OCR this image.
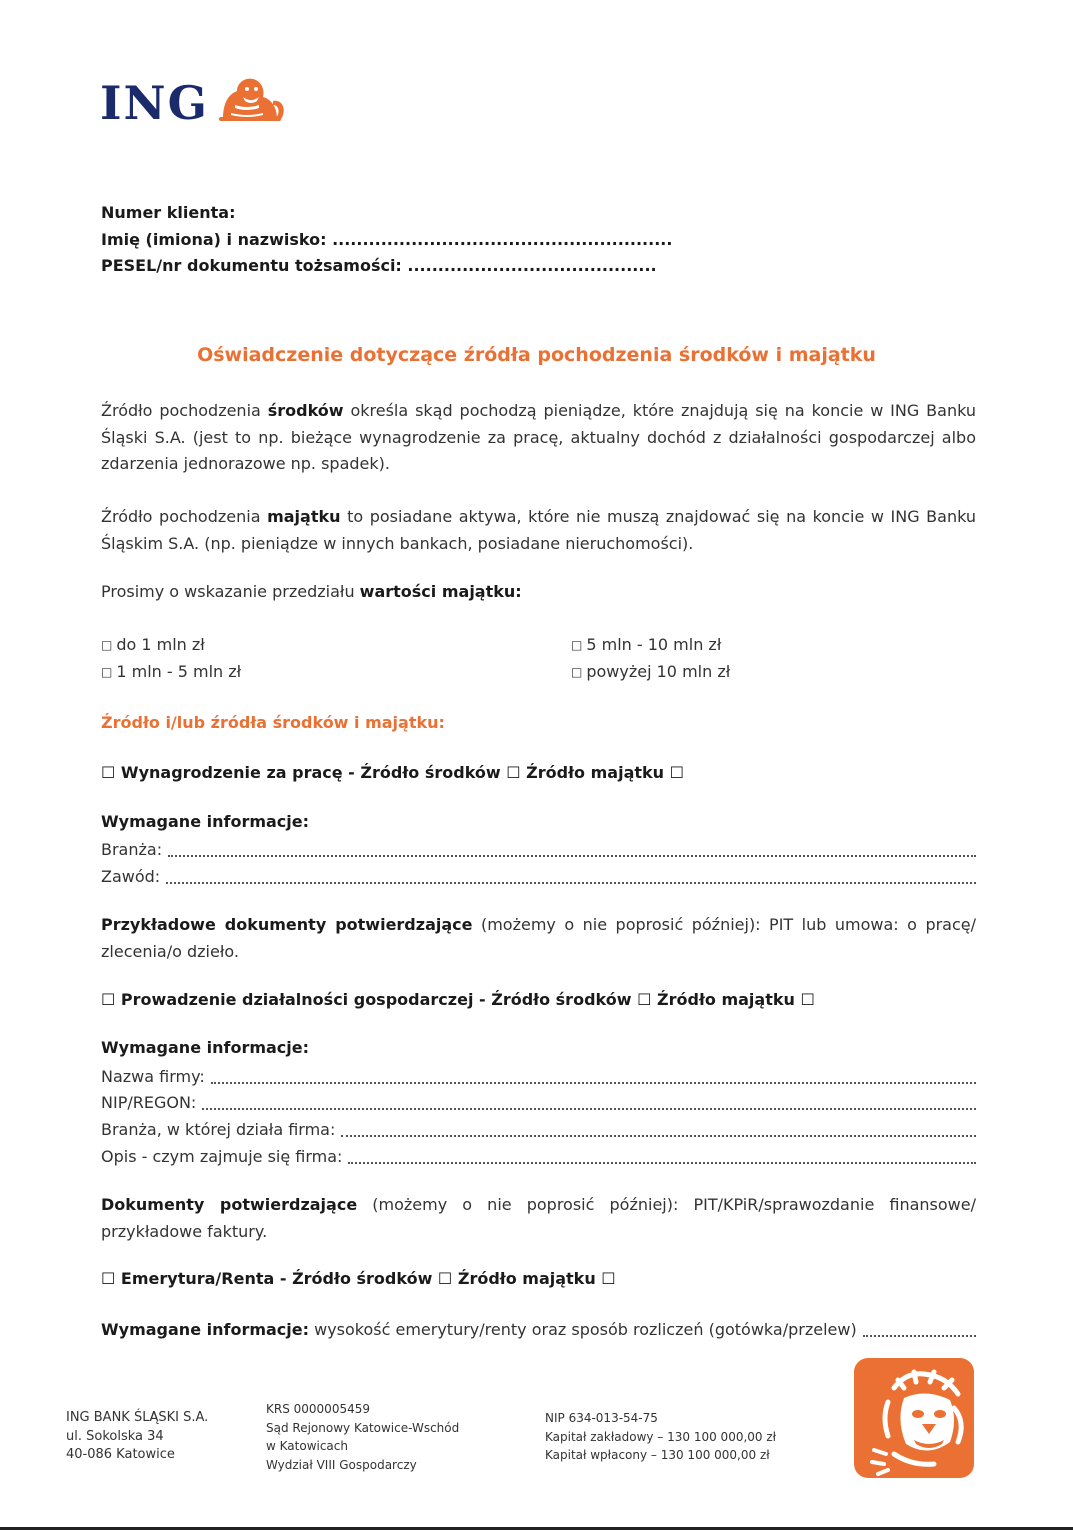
ING
Numer klienta:
Imię (imiona) i nazwisko: ........................................................
PESEL/nr dokumentu tożsamości: .........................................
Oświadczenie dotyczące źródła pochodzenia środków i majątku
Źródło pochodzenia środków określa skąd pochodzą pieniądze, które znajdują się na koncie w ING Banku Śląski S.A. (jest to np. bieżące wynagrodzenie za pracę, aktualny dochód z działalności gospodarczej albo zdarzenia jednorazowe np. spadek).
Źródło pochodzenia majątku to posiadane aktywa, które nie muszą znajdować się na koncie w ING Banku Śląskim S.A. (np. pieniądze w innych bankach, posiadane nieruchomości).
Prosimy o wskazanie przedziału wartości majątku:
□ do 1 mln zł
□ 1 mln - 5 mln zł
□ 5 mln - 10 mln zł
□ powyżej 10 mln zł
Źródło i/lub źródła środków i majątku:
☐ Wynagrodzenie za pracę - Źródło środków ☐ Źródło majątku ☐
Wymagane informacje:
Branża:
Zawód:
Przykładowe dokumenty potwierdzające (możemy o nie poprosić później): PIT lub umowa: o pracę/ zlecenia/o dzieło.
☐ Prowadzenie działalności gospodarczej - Źródło środków ☐ Źródło majątku ☐
Wymagane informacje:
Nazwa firmy:
NIP/REGON:
Branża, w której działa firma:
Opis - czym zajmuje się firma:
Dokumenty potwierdzające (możemy o nie poprosić później): PIT/KPiR/sprawozdanie finansowe/ przykładowe faktury.
☐ Emerytura/Renta - Źródło środków ☐ Źródło majątku ☐
Wymagane informacje: wysokość emerytury/renty oraz sposób rozliczeń (gotówka/przelew)
ING BANK ŚLĄSKI S.A.
ul. Sokolska 34
40-086 Katowice
KRS 0000005459
Sąd Rejonowy Katowice-Wschód
w Katowicach
Wydział VIII Gospodarczy
NIP 634-013-54-75
Kapitał zakładowy – 130 100 000,00 zł
Kapitał wpłacony – 130 100 000,00 zł
